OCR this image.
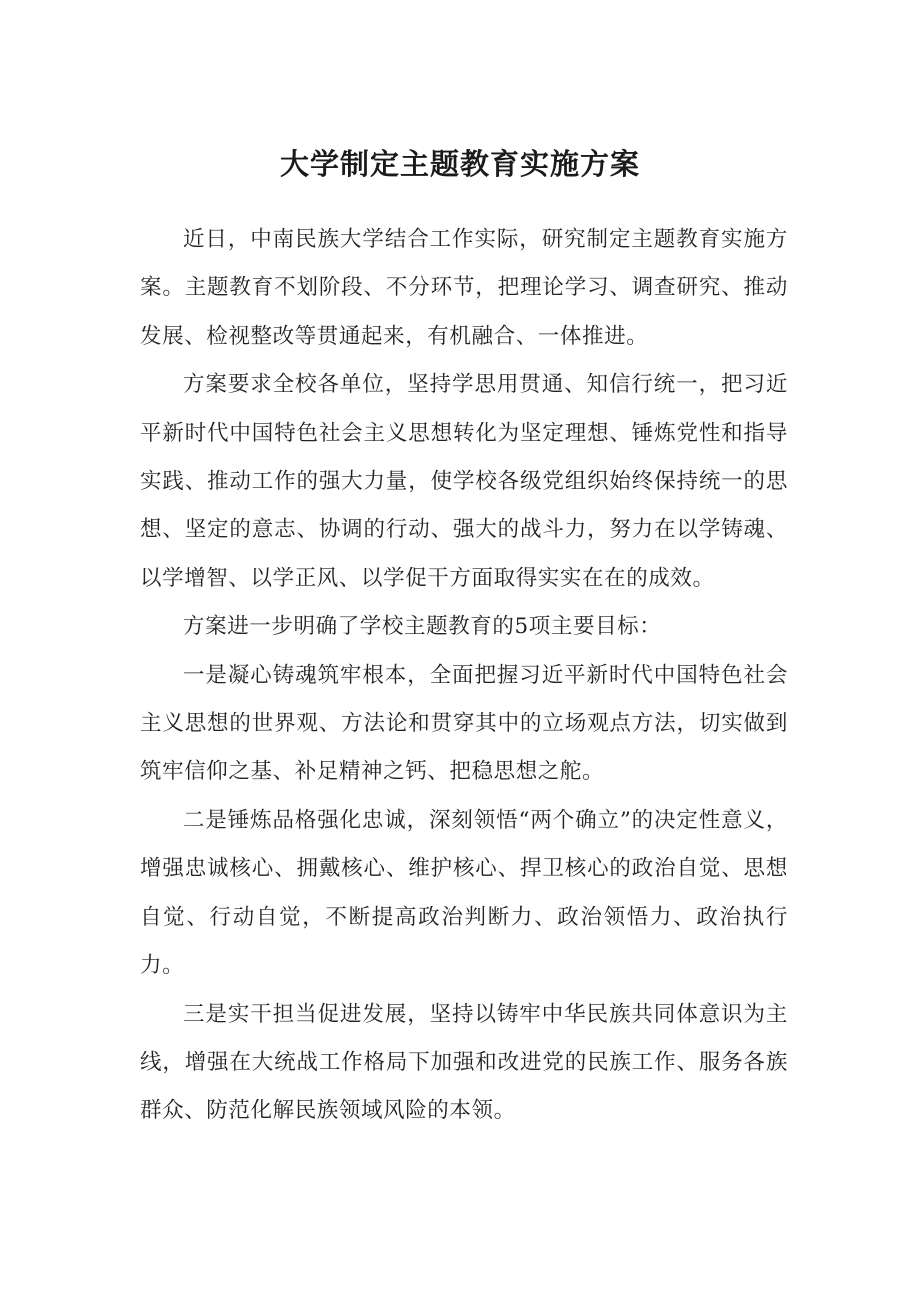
大学制定主题教育实施方案

近日，中南民族大学结合工作实际，研究制定主题教育实施方案。主题教育不划阶段、不分环节，把理论学习、调查研究、推动发展、检视整改等贯通起来，有机融合、一体推进。

方案要求全校各单位，坚持学思用贯通、知信行统一，把习近平新时代中国特色社会主义思想转化为坚定理想、锤炼党性和指导实践、推动工作的强大力量，使学校各级党组织始终保持统一的思想、坚定的意志、协调的行动、强大的战斗力，努力在以学铸魂、以学增智、以学正风、以学促干方面取得实实在在的成效。

方案进一步明确了学校主题教育的5项主要目标：

一是凝心铸魂筑牢根本，全面把握习近平新时代中国特色社会主义思想的世界观、方法论和贯穿其中的立场观点方法，切实做到筑牢信仰之基、补足精神之钙、把稳思想之舵。

二是锤炼品格强化忠诚，深刻领悟“两个确立”的决定性意义，增强忠诚核心、拥戴核心、维护核心、捍卫核心的政治自觉、思想自觉、行动自觉，不断提高政治判断力、政治领悟力、政治执行力。

三是实干担当促进发展，坚持以铸牢中华民族共同体意识为主线，增强在大统战工作格局下加强和改进党的民族工作、服务各族群众、防范化解民族领域风险的本领。
